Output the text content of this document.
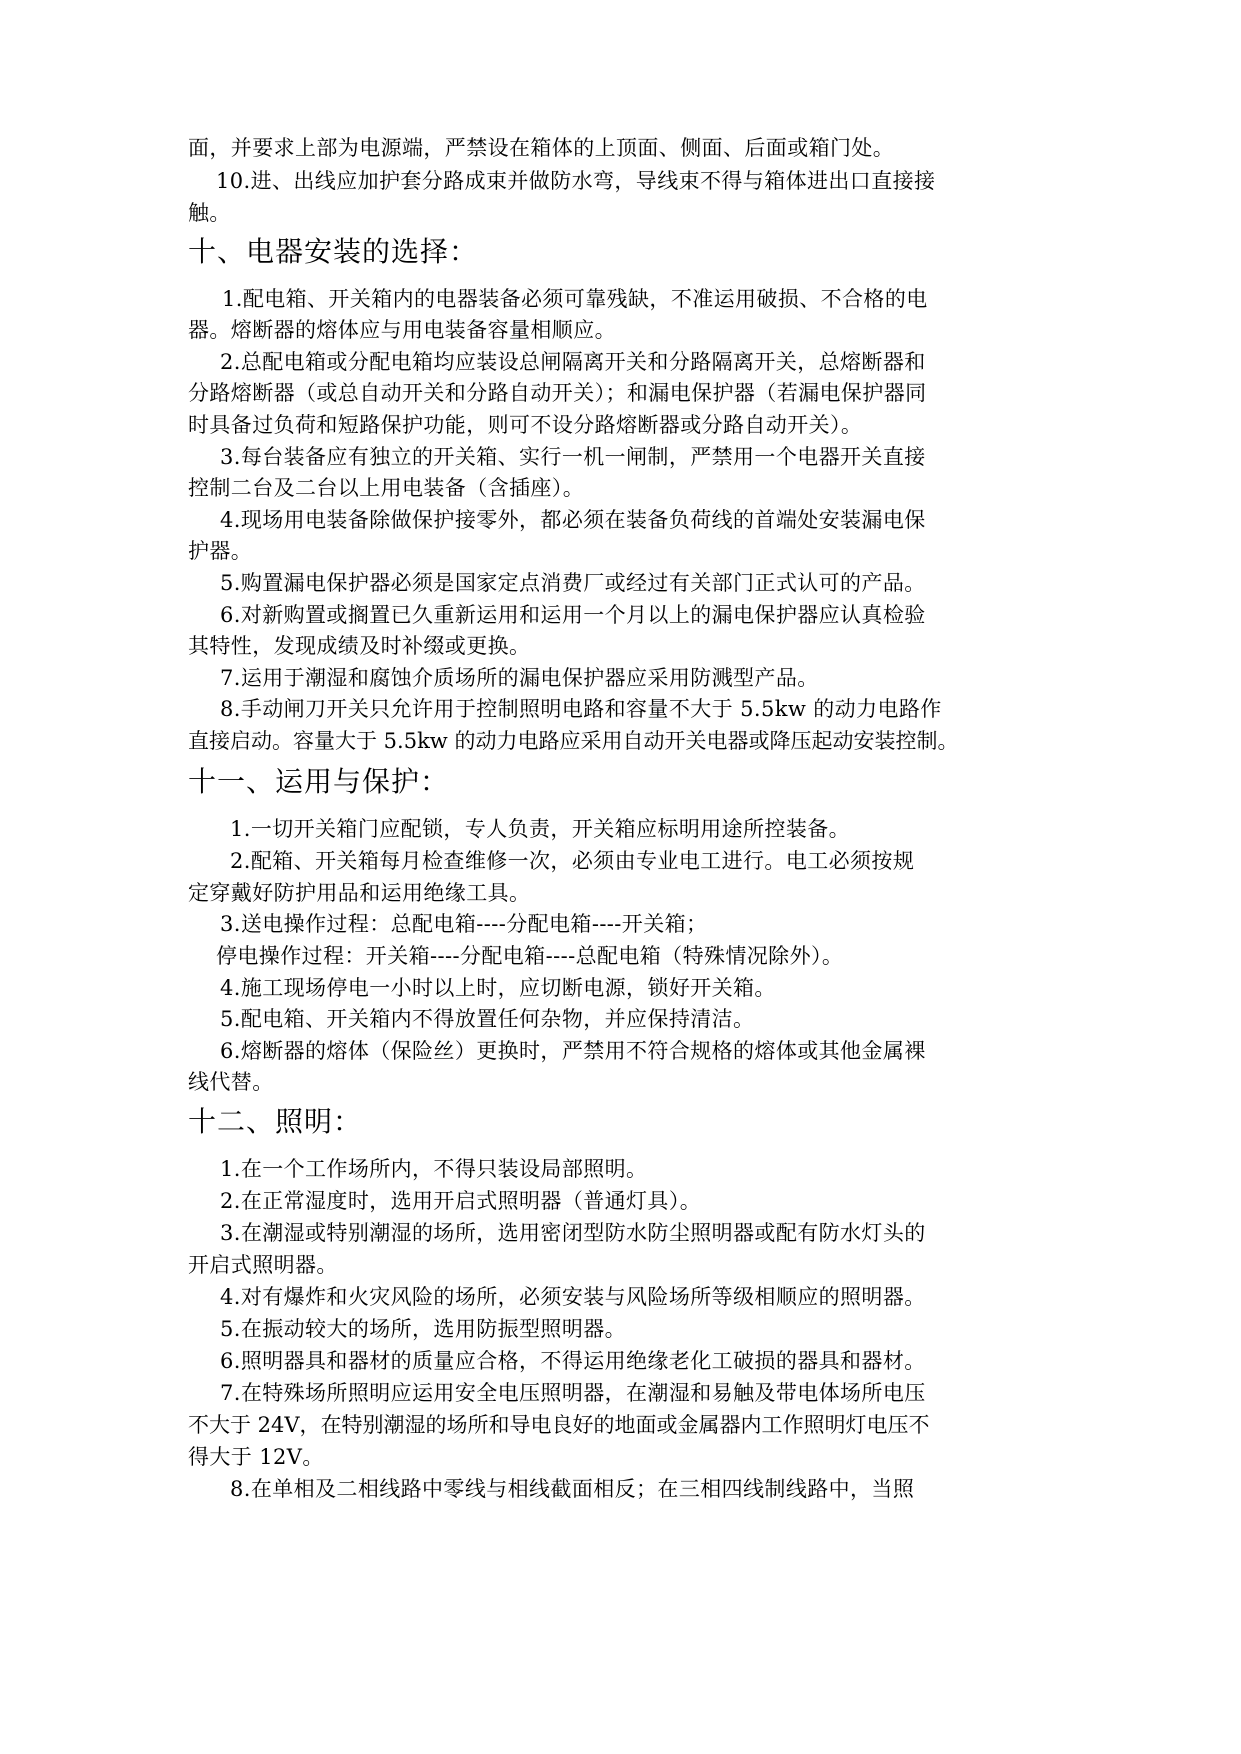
面，并要求上部为电源端，严禁设在箱体的上顶面、侧面、后面或箱门处。
10.进、出线应加护套分路成束并做防水弯，导线束不得与箱体进出口直接接
触。
十、电器安装的选择：
1.配电箱、开关箱内的电器装备必须可靠残缺，不准运用破损、不合格的电
器。熔断器的熔体应与用电装备容量相顺应。
2.总配电箱或分配电箱均应装设总闸隔离开关和分路隔离开关，总熔断器和
分路熔断器（或总自动开关和分路自动开关）；和漏电保护器（若漏电保护器同
时具备过负荷和短路保护功能，则可不设分路熔断器或分路自动开关）。
3.每台装备应有独立的开关箱、实行一机一闸制，严禁用一个电器开关直接
控制二台及二台以上用电装备（含插座）。
4.现场用电装备除做保护接零外，都必须在装备负荷线的首端处安装漏电保
护器。
5.购置漏电保护器必须是国家定点消费厂或经过有关部门正式认可的产品。
6.对新购置或搁置已久重新运用和运用一个月以上的漏电保护器应认真检验
其特性，发现成绩及时补缀或更换。
7.运用于潮湿和腐蚀介质场所的漏电保护器应采用防溅型产品。
8.手动闸刀开关只允许用于控制照明电路和容量不大于 5.5kw 的动力电路作
直接启动。容量大于 5.5kw 的动力电路应采用自动开关电器或降压起动安装控制。
十一、运用与保护：
1.一切开关箱门应配锁，专人负责，开关箱应标明用途所控装备。
2.配箱、开关箱每月检查维修一次，必须由专业电工进行。电工必须按规
定穿戴好防护用品和运用绝缘工具。
3.送电操作过程：总配电箱----分配电箱----开关箱；
停电操作过程：开关箱----分配电箱----总配电箱（特殊情况除外）。
4.施工现场停电一小时以上时，应切断电源，锁好开关箱。
5.配电箱、开关箱内不得放置任何杂物，并应保持清洁。
6.熔断器的熔体（保险丝）更换时，严禁用不符合规格的熔体或其他金属裸
线代替。
十二、照明：
1.在一个工作场所内，不得只装设局部照明。
2.在正常湿度时，选用开启式照明器（普通灯具）。
3.在潮湿或特别潮湿的场所，选用密闭型防水防尘照明器或配有防水灯头的
开启式照明器。
4.对有爆炸和火灾风险的场所，必须安装与风险场所等级相顺应的照明器。
5.在振动较大的场所，选用防振型照明器。
6.照明器具和器材的质量应合格，不得运用绝缘老化工破损的器具和器材。
7.在特殊场所照明应运用安全电压照明器，在潮湿和易触及带电体场所电压
不大于 24V，在特别潮湿的场所和导电良好的地面或金属器内工作照明灯电压不
得大于 12V。
8.在单相及二相线路中零线与相线截面相反；在三相四线制线路中，当照
